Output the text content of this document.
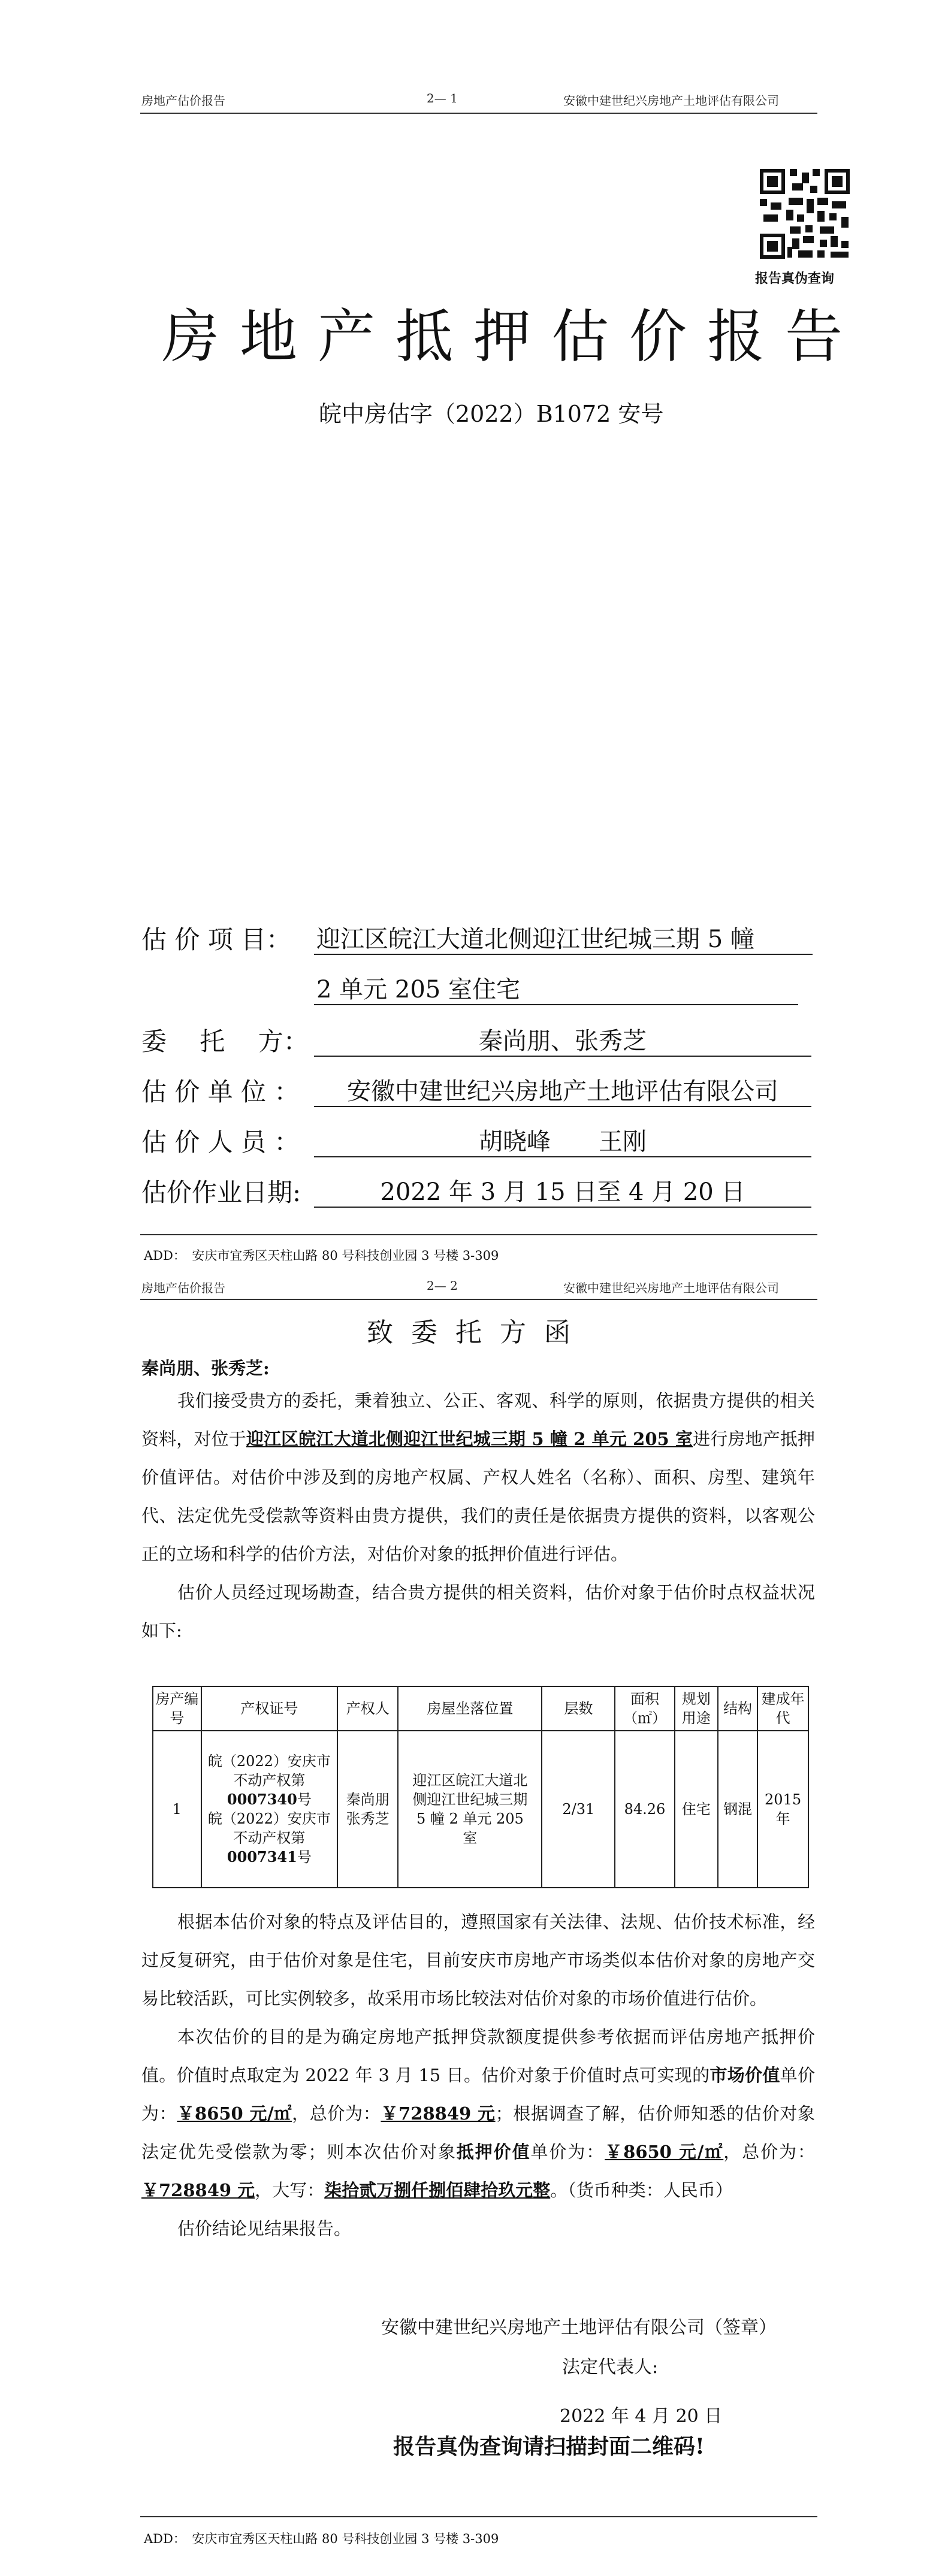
房地产估价报告	2— 1	安徽中建世纪兴房地产土地评估有限公司
报告真伪查询
房地产抵押估价报告
皖中房估字（2022）B1072 安号
估 价 项 目： 迎江区皖江大道北侧迎江世纪城三期 5 幢
2 单元 205 室住宅
委　 托　 方：	秦尚朋、张秀芝
估 价 单 位 ：	安徽中建世纪兴房地产土地评估有限公司
估 价 人 员 ：	胡晓峰　　王刚
估价作业日期:	2022 年 3 月 15 日至 4 月 20 日
ADD：　安庆市宜秀区天柱山路 80 号科技创业园 3 号楼 3-309
房地产估价报告	2— 2	安徽中建世纪兴房地产土地评估有限公司
致委托方函
秦尚朋、张秀芝:

我们接受贵方的委托，秉着独立、公正、客观、科学的原则，依据贵方提供的相关资料，对位于迎江区皖江大道北侧迎江世纪城三期 5 幢 2 单元 205 室进行房地产抵押价值评估。对估价中涉及到的房地产权属、产权人姓名（名称）、面积、房型、建筑年代、法定优先受偿款等资料由贵方提供，我们的责任是依据贵方提供的资料，以客观公正的立场和科学的估价方法，对估价对象的抵押价值进行评估。

估价人员经过现场勘查，结合贵方提供的相关资料，估价对象于估价时点权益状况如下:

房产编号	产权证号	产权人	房屋坐落位置	层数	面积（㎡）	规划用途	结构	建成年代
1	皖（2022）安庆市不动产权第0007340号
皖（2022）安庆市不动产权第0007341号	秦尚朋张秀芝	迎江区皖江大道北侧迎江世纪城三期 5 幢 2 单元 205 室	2/31	84.26	住宅	钢混	2015 年

根据本估价对象的特点及评估目的，遵照国家有关法律、法规、估价技术标准，经过反复研究，由于估价对象是住宅，目前安庆市房地产市场类似本估价对象的房地产交易比较活跃，可比实例较多，故采用市场比较法对估价对象的市场价值进行估价。

本次估价的目的是为确定房地产抵押贷款额度提供参考依据而评估房地产抵押价值。价值时点取定为 2022 年 3 月 15 日。估价对象于价值时点可实现的市场价值单价为：￥8650 元/㎡，总价为：￥728849 元；根据调查了解，估价师知悉的估价对象法定优先受偿款为零；则本次估价对象抵押价值单价为：￥8650 元/㎡，总价为：￥728849 元，大写：柒拾贰万捌仟捌佰肆拾玖元整。（货币种类：人民币）

估价结论见结果报告。

安徽中建世纪兴房地产土地评估有限公司（签章）
法定代表人:
2022 年 4 月 20 日
报告真伪查询请扫描封面二维码!
ADD：　安庆市宜秀区天柱山路 80 号科技创业园 3 号楼 3-309
